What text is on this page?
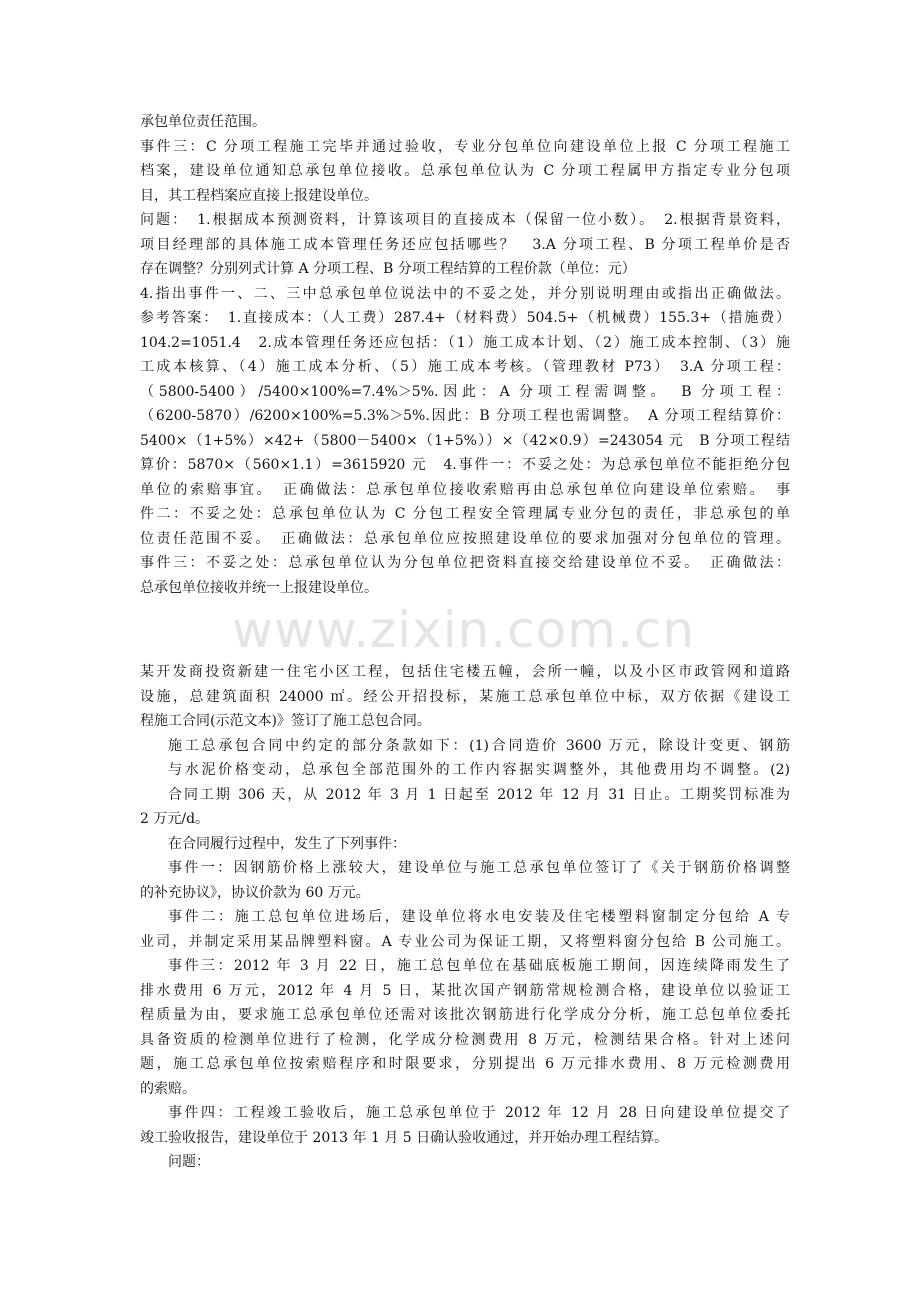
承包单位责任范围。
事件三：C 分项工程施工完毕并通过验收，专业分包单位向建设单位上报 C 分项工程施工
档案，建设单位通知总承包单位接收。总承包单位认为 C 分项工程属甲方指定专业分包项
目，其工程档案应直接上报建设单位。
问题：　1.根据成本预测资料，计算该项目的直接成本（保留一位小数）。　2.根据背景资料，
项目经理部的具体施工成本管理任务还应包括哪些？　3.A 分项工程、B 分项工程单价是否
存在调整？分别列式计算 A 分项工程、B 分项工程结算的工程价款（单位：元）
4.指出事件一、二、三中总承包单位说法中的不妥之处，并分别说明理由或指出正确做法。
参考答案：　1.直接成本：（人工费）287.4+（材料费）504.5+（机械费）155.3+（措施费）
104.2=1051.4　2.成本管理任务还应包括：（1）施工成本计划、（2）施工成本控制、（3）施
工成本核算、（4）施工成本分析、（5）施工成本考核。（管理教材 P73）　3.A 分项工程：
（5800-5400）/5400×100%=7.4%＞5%.因此：A 分项工程需调整。　B 分项工程：
（6200-5870）/6200×100%=5.3%＞5%.因此：B 分项工程也需调整。　A 分项工程结算价：
5400×（1+5%）×42+（5800－5400×（1+5%））×（42×0.9）=243054 元　B 分项工程结
算价：5870×（560×1.1）=3615920 元　4.事件一：不妥之处：为总承包单位不能拒绝分包
单位的索赔事宜。　正确做法：总承包单位接收索赔再由总承包单位向建设单位索赔。　事
件二：不妥之处：总承包单位认为 C 分包工程安全管理属专业分包的责任，非总承包的单
位责任范围不妥。　正确做法：总承包单位应按照建设单位的要求加强对分包单位的管理。
事件三：不妥之处：总承包单位认为分包单位把资料直接交给建设单位不妥。　正确做法：
总承包单位接收并统一上报建设单位。
www.zixin.com.cn
某开发商投资新建一住宅小区工程，包括住宅楼五幢，会所一幢，以及小区市政管网和道路
设施，总建筑面积 24000 ㎡。经公开招投标，某施工总承包单位中标，双方依据《建设工
程施工合同(示范文本)》签订了施工总包合同。
施工总承包合同中约定的部分条款如下：(1)合同造价 3600 万元，除设计变更、钢筋
与水泥价格变动，总承包全部范围外的工作内容据实调整外，其他费用均不调整。(2)
合同工期 306 天，从 2012 年 3 月 1 日起至 2012 年 12 月 31 日止。工期奖罚标准为
2 万元/d。
在合同履行过程中，发生了下列事件：
事件一：因钢筋价格上涨较大，建设单位与施工总承包单位签订了《关于钢筋价格调整
的补充协议》，协议价款为 60 万元。
事件二：施工总包单位进场后，建设单位将水电安装及住宅楼塑料窗制定分包给 A 专
业司，并制定采用某品牌塑料窗。A 专业公司为保证工期，又将塑料窗分包给 B 公司施工。
事件三：2012 年 3 月 22 日，施工总包单位在基础底板施工期间，因连续降雨发生了
排水费用 6 万元，2012 年 4 月 5 日，某批次国产钢筋常规检测合格，建设单位以验证工
程质量为由，要求施工总承包单位还需对该批次钢筋进行化学成分分析，施工总包单位委托
具备资质的检测单位进行了检测，化学成分检测费用 8 万元，检测结果合格。针对上述问
题，施工总承包单位按索赔程序和时限要求，分别提出 6 万元排水费用、8 万元检测费用
的索赔。
事件四：工程竣工验收后，施工总承包单位于 2012 年 12 月 28 日向建设单位提交了
竣工验收报告，建设单位于 2013 年 1 月 5 日确认验收通过，并开始办理工程结算。
问题：
